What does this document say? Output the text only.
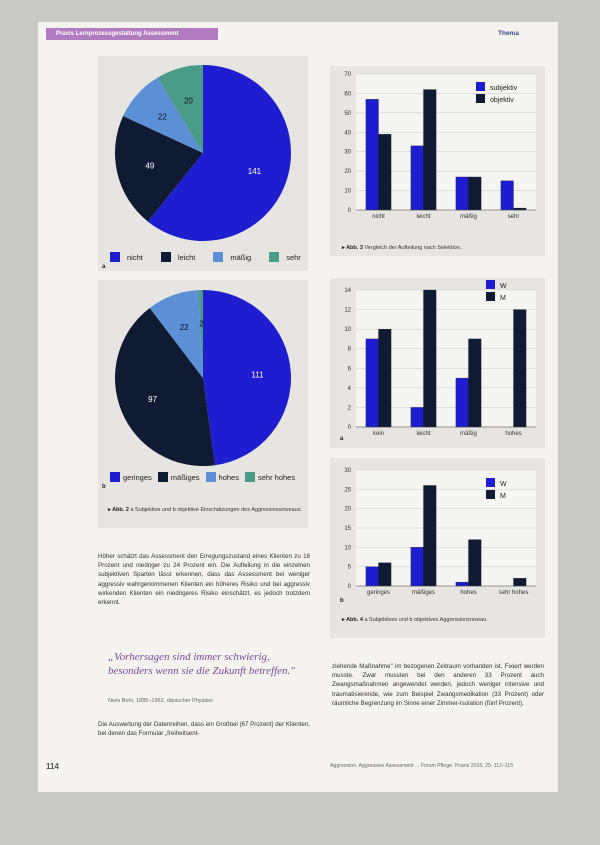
Praxis Lernprozessgestaltung Assessment	Thema
141
49
22
20
nicht	leicht	mäßig	sehr
a
111
97
22 2
geringes	mäßiges	hohes	sehr hohes
b
▸ Abb. 2 a Subjektive und b objektive Einschätzungen des Aggressionsniveaus.
0
10
20
30
40
50
60
70
nicht	leicht	mäßig	sehr
subjektiv
objektiv
▸ Abb. 3 Vergleich der Aufteilung nach Selektion.
0
2
4
6
8
10
12
14
kein	leicht	mäßig	hohes
W
M
a
0
5
10
15
20
25
30
geringes	mäßiges	hohes	sehr hohes
W
M
b
▸ Abb. 4 a Subjektives und b objektives Aggressionsniveau.
Höher schätzt das Assessment den Erregungszustand eines Klienten zu 18 Prozent und niedriger zu 24 Prozent ein. Die Aufteilung in die einzelnen subjektiven Sparten lässt erkennen, dass das Assessment bei weniger aggressiv wahrgenommenen Klienten ein höheres Risiko und bei aggressiv wirkenden Klienten ein niedrigeres Risiko einschätzt, es jedoch trotzdem erkennt.
„Vorhersagen sind immer schwierig, besonders wenn sie die Zukunft betreffen."
Niels Bohr, 1885–1962, dänischer Physiker
Die Auswertung der Datenreihen, dass ein Großteil (67 Prozent) der Klienten, bei denen das Formular „freiheitsent-
ziehende Maßnahme" im bezogenen Zeitraum vorhanden ist, Fixiert werden musste. Zwar mussten bei den anderen 33 Prozent auch Zwangsmaßnahmen angewendet werden, jedoch weniger intensive und traumatisierende, wie zum Beispiel Zwangsmedikation (33 Prozent) oder räumliche Begrenzung im Sinne einer Zimmer-Isolation (fünf Prozent).
114	Aggression. Aggressive Assessment ... Forum Pflege. Praxis 2016; 25: 112–115
